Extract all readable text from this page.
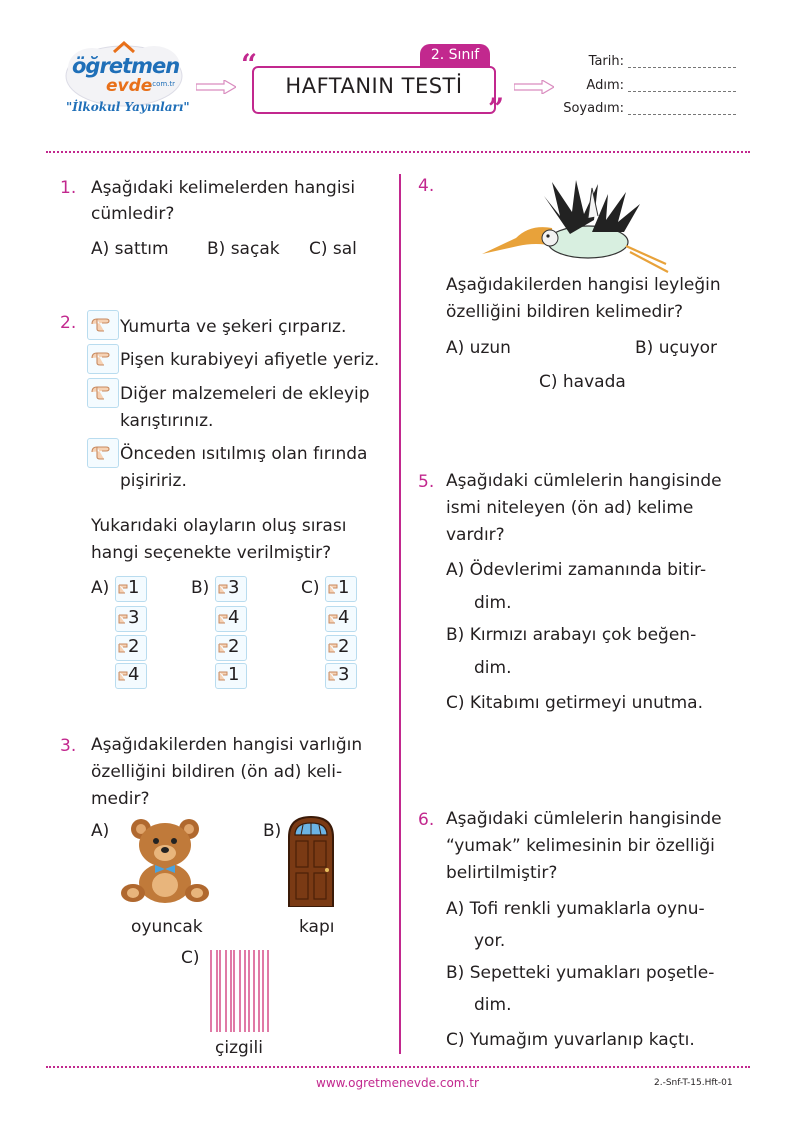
öğretmen
evde
.com.tr
"İlkokul Yayınları"
“	2. Sınıf
HAFTANIN TESTİ
”
Tarih:
Adım:
Soyadım:
1. Aşağıdaki kelimelerden hangisi
cümledir?
A) sattım B) saçak C) sal
2.	Yumurta ve şekeri çırparız.
Pişen kurabiyeyi afiyetle yeriz.
Diğer malzemeleri de ekleyip
karıştırınız.
Önceden ısıtılmış olan fırında
pişiririz.
Yukarıdaki olayların oluş sırası
hangi seçenekte verilmiştir?
A) 1
3
2
4
B) 3
4
2
1
C) 1
4
2
3
3. Aşağıdakilerden hangisi varlığın
özelliğini bildiren (ön ad) keli-
medir?
A)
oyuncak
B)
kapı
C)
çizgili
4.
Aşağıdakilerden hangisi leyleğin
özelliğini bildiren kelimedir?
A) uzun	B) uçuyor
C) havada
5. Aşağıdaki cümlelerin hangisinde
ismi niteleyen (ön ad) kelime
vardır?
A) Ödevlerimi zamanında bitir-
dim.
B) Kırmızı arabayı çok beğen-
dim.
C) Kitabımı getirmeyi unutma.
6. Aşağıdaki cümlelerin hangisinde
“yumak” kelimesinin bir özelliği
belirtilmiştir?
A) Tofi renkli yumaklarla oynu-
yor.
B) Sepetteki yumakları poşetle-
dim.
C) Yumağım yuvarlanıp kaçtı.
www.ogretmenevde.com.tr	2.-Snf-T-15.Hft-01
